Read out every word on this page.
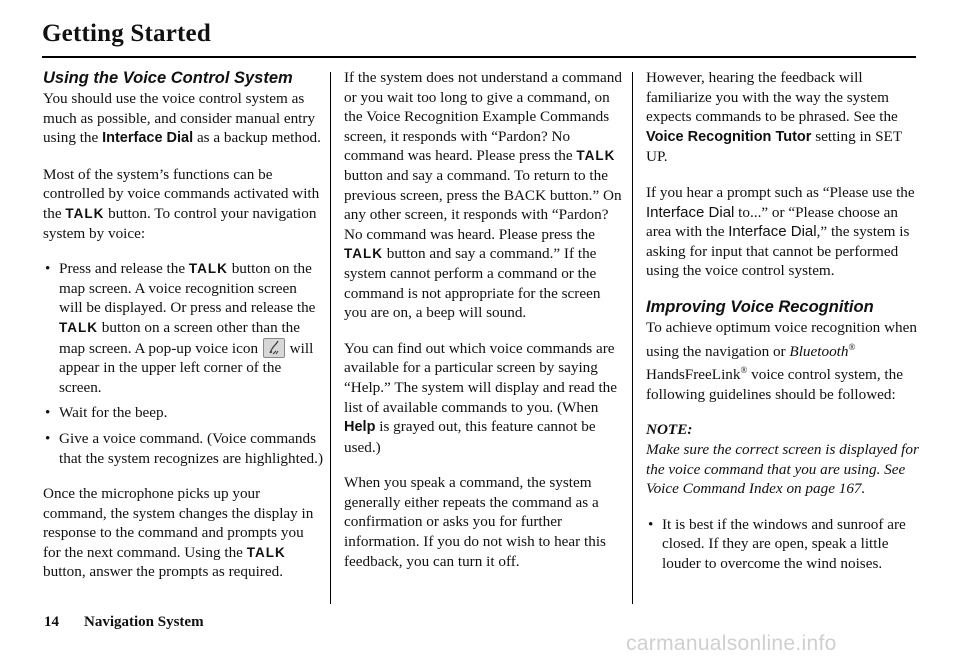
Getting Started
Using the Voice Control System

You should use the voice control system as much as possible, and consider manual entry using the Interface Dial as a backup method.

Most of the system’s functions can be controlled by voice commands activated with the TALK button. To control your navigation system by voice:

• Press and release the TALK button on the map screen. A voice recognition screen will be displayed. Or press and release the TALK button on a screen other than the map screen. A pop-up voice icon  will appear in the upper left corner of the screen.
• Wait for the beep.
• Give a voice command. (Voice commands that the system recognizes are highlighted.)

Once the microphone picks up your command, the system changes the display in response to the command and prompts you for the next command. Using the TALK button, answer the prompts as required.

If the system does not understand a command or you wait too long to give a command, on the Voice Recognition Example Commands screen, it responds with “Pardon? No command was heard. Please press the TALK button and say a command. To return to the previous screen, press the BACK button.” On any other screen, it responds with “Pardon? No command was heard. Please press the TALK button and say a command.” If the system cannot perform a command or the command is not appropriate for the screen you are on, a beep will sound.

You can find out which voice commands are available for a particular screen by saying “Help.” The system will display and read the list of available commands to you. (When Help is grayed out, this feature cannot be used.)

When you speak a command, the system generally either repeats the command as a confirmation or asks you for further information. If you do not wish to hear this feedback, you can turn it off.

However, hearing the feedback will familiarize you with the way the system expects commands to be phrased. See the Voice Recognition Tutor setting in SET UP.

If you hear a prompt such as “Please use the Interface Dial to...” or “Please choose an area with the Interface Dial,” the system is asking for input that cannot be performed using the voice control system.

Improving Voice Recognition

To achieve optimum voice recognition when using the navigation or Bluetooth® HandsFreeLink® voice control system, the following guidelines should be followed:

NOTE:
Make sure the correct screen is displayed for the voice command that you are using. See Voice Command Index on page 167.

• It is best if the windows and sunroof are closed. If they are open, speak a little louder to overcome the wind noises.
14 Navigation System
carmanualsonline.info
